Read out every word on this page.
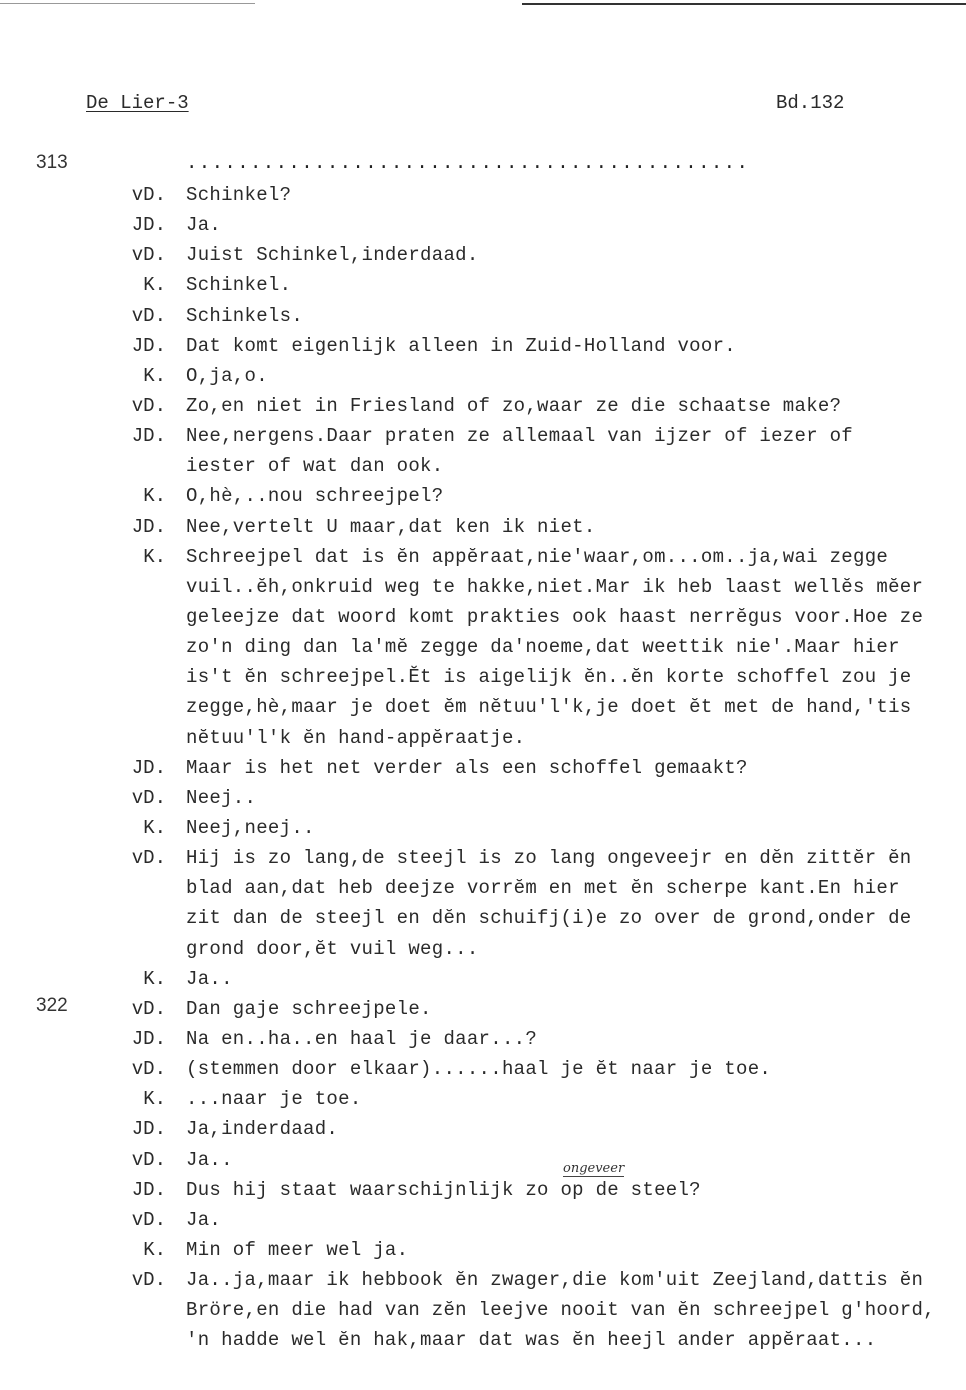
De Lier-3	Bd.132
313
322
............................................
ongeveer
vD. Schinkel?
JD. Ja.
vD. Juist Schinkel,inderdaad.
K. Schinkel.
vD. Schinkels.
JD. Dat komt eigenlijk alleen in Zuid-Holland voor.
K. O,ja,o.
vD. Zo,en niet in Friesland of zo,waar ze die schaatse make?
JD. Nee,nergens.Daar praten ze allemaal van ijzer of iezer of
iester of wat dan ook.
K. O,hè,..nou schreejpel?
JD. Nee,vertelt U maar,dat ken ik niet.
K. Schreejpel dat is ĕn appĕraat,nie'waar,om...om..ja,wai zegge
vuil..ĕh,onkruid weg te hakke,niet.Mar ik heb laast wellĕs mĕer
geleejze dat woord komt prakties ook haast nerrĕgus voor.Hoe ze
zo'n ding dan la'mĕ zegge da'noeme,dat weettik nie'.Maar hier
is't ĕn schreejpel.Ĕt is aigelijk ĕn..ĕn korte schoffel zou je
zegge,hè,maar je doet ĕm nĕtuu'l'k,je doet ĕt met de hand,'tis
nĕtuu'l'k ĕn hand-appĕraatje.
JD. Maar is het net verder als een schoffel gemaakt?
vD. Neej..
K. Neej,neej..
vD. Hij is zo lang,de steejl is zo lang ongeveejr en dĕn zittĕr ĕn
blad aan,dat heb deejze vorrĕm en met ĕn scherpe kant.En hier
zit dan de steejl en dĕn schuifj(i)e zo over de grond,onder de
grond door,ĕt vuil weg...
K. Ja..
vD. Dan gaje schreejpele.
JD. Na en..ha..en haal je daar...?
vD. (stemmen door elkaar)......haal je ĕt naar je toe.
K. ...naar je toe.
JD. Ja,inderdaad.
vD. Ja..
JD. Dus hij staat waarschijnlijk zo op de steel?
vD. Ja.
K. Min of meer wel ja.
vD. Ja..ja,maar ik hebbook ĕn zwager,die kom'uit Zeejland,dattis ĕn
Bröre,en die had van zĕn leejve nooit van ĕn schreejpel g'hoord,
'n hadde wel ĕn hak,maar dat was ĕn heejl ander appĕraat...
